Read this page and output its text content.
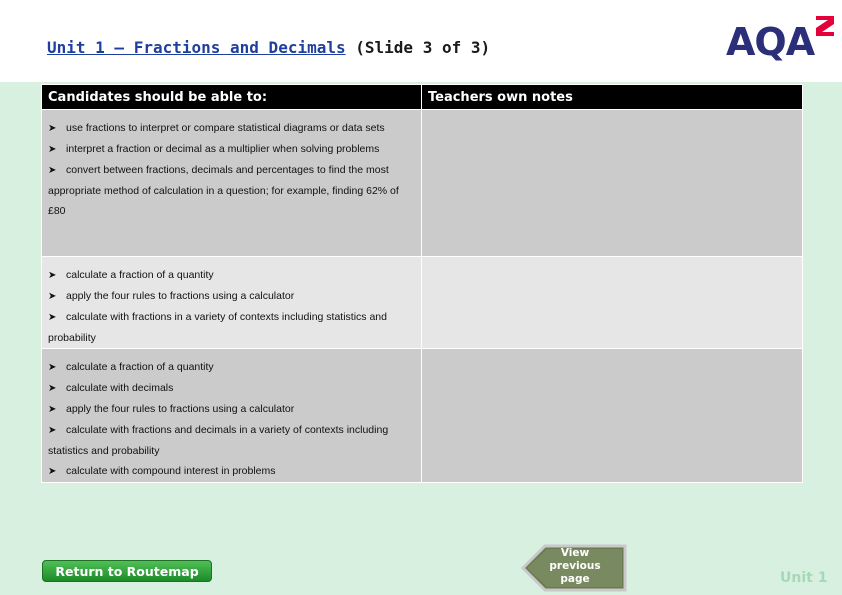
Unit 1 – Fractions and Decimals (Slide 3 of 3)	AQA
Candidates should be able to:	Teachers own notes

➤ use fractions to interpret or compare statistical diagrams or data sets
➤ interpret a fraction or decimal as a multiplier when solving problems
➤ convert between fractions, decimals and percentages to find the most appropriate method of calculation in a question; for example, finding 62% of £80	

➤ calculate a fraction of a quantity
➤ apply the four rules to fractions using a calculator
➤ calculate with fractions in a variety of contexts including statistics and probability	

➤ calculate a fraction of a quantity
➤ calculate with decimals
➤ apply the four rules to fractions using a calculator
➤ calculate with fractions and decimals in a variety of contexts including statistics and probability
➤ calculate with compound interest in problems	

Return to Routemap
View previous page	Unit 1
